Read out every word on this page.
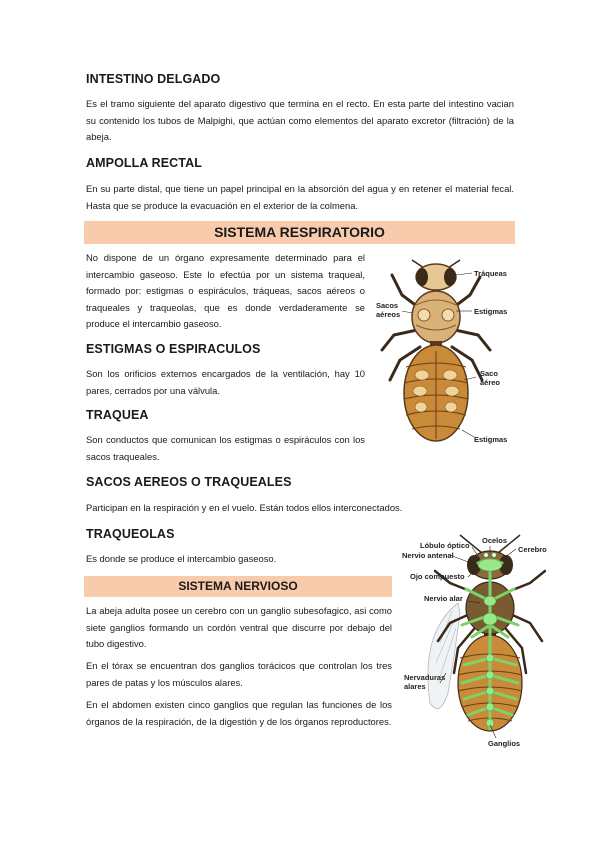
INTESTINO DELGADO

Es el tramo siguiente del aparato digestivo que termina en el recto. En esta parte del intestino vacian su contenido los tubos de Malpighi, que actúan como elementos del aparato excretor (filtración) de la abeja.

AMPOLLA RECTAL

En su parte distal, que tiene un papel principal en la absorción del agua y en retener el material fecal. Hasta que se produce la evacuación en el exterior de la colmena.

SISTEMA RESPIRATORIO

No dispone de un órgano expresamente determinado para el intercambio gaseoso. Este lo efectúa por un sistema traqueal, formado por: estigmas o espiráculos, tráqueas, sacos aéreos o traqueales y traqueolas, que es donde verdaderamente se produce el intercambio gaseoso.

ESTIGMAS O ESPIRACULOS

Son los orificios externos encargados de la ventilación, hay 10 pares, cerrados por una válvula.

TRAQUEA

Son conductos que comunican los estigmas o espiráculos con los sacos traqueales.

SACOS AEREOS O TRAQUEALES

Participan en la respiración y en el vuelo. Están todos ellos interconectados.

TRAQUEOLAS

Es donde se produce el intercambio gaseoso.

SISTEMA NERVIOSO

La abeja adulta posee un cerebro con un ganglio subesofagico, asi como siete ganglios formando un cordón ventral que discurre por debajo del tubo digestivo.

En el tórax se encuentran dos ganglios torácicos que controlan los tres pares de patas y los músculos alares.

En el abdomen existen cinco ganglios que regulan las funciones de los órganos de la respiración, de la digestión y de los órganos reproductores.

Tráqueas
Estigmas
Sacos aéreos
Saco aéreo
Estigmas
Ocelos
Lóbulo óptico	Cerebro
Nervio antenal
Ojo compuesto
Nervio alar
Nervaduras alares
Ganglios
